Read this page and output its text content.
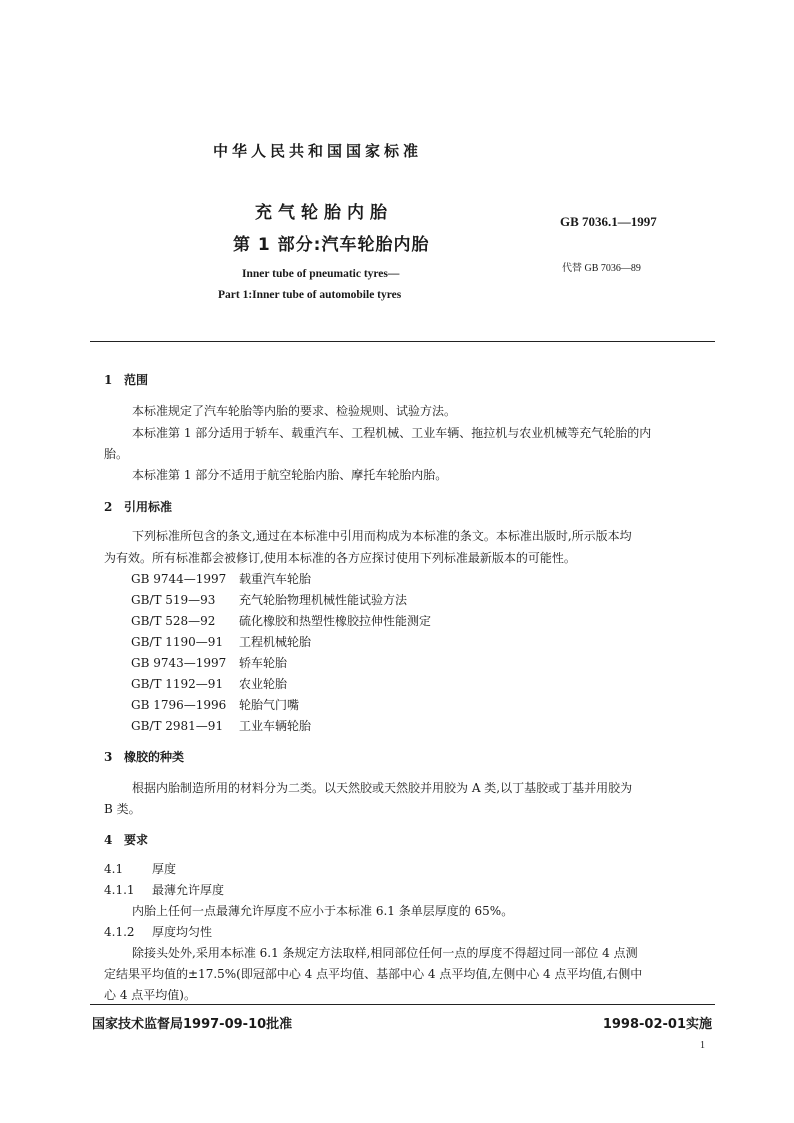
中华人民共和国国家标准
充气轮胎内胎
第 1 部分:汽车轮胎内胎
GB 7036.1—1997
代替 GB 7036—89
Inner tube of pneumatic tyres—
Part 1:Inner tube of automobile tyres
1 范围
本标准规定了汽车轮胎等内胎的要求、检验规则、试验方法。
本标准第 1 部分适用于轿车、载重汽车、工程机械、工业车辆、拖拉机与农业机械等充气轮胎的内
胎。
本标准第 1 部分不适用于航空轮胎内胎、摩托车轮胎内胎。
2 引用标准
下列标准所包含的条文,通过在本标准中引用而构成为本标准的条文。本标准出版时,所示版本均
为有效。所有标准都会被修订,使用本标准的各方应探讨使用下列标准最新版本的可能性。
GB 9744—1997 载重汽车轮胎
GB/T 519—93 充气轮胎物理机械性能试验方法
GB/T 528—92 硫化橡胶和热塑性橡胶拉伸性能测定
GB/T 1190—91 工程机械轮胎
GB 9743—1997 轿车轮胎
GB/T 1192—91 农业轮胎
GB 1796—1996 轮胎气门嘴
GB/T 2981—91 工业车辆轮胎
3 橡胶的种类
根据内胎制造所用的材料分为二类。以天然胶或天然胶并用胶为 A 类,以丁基胶或丁基并用胶为
B 类。
4 要求
4.1 厚度
4.1.1 最薄允许厚度
内胎上任何一点最薄允许厚度不应小于本标准 6.1 条单层厚度的 65%。
4.1.2 厚度均匀性
除接头处外,采用本标准 6.1 条规定方法取样,相同部位任何一点的厚度不得超过同一部位 4 点测
定结果平均值的±17.5%(即冠部中心 4 点平均值、基部中心 4 点平均值,左侧中心 4 点平均值,右侧中
心 4 点平均值)。
国家技术监督局1997-09-10批准	1998-02-01实施
1
